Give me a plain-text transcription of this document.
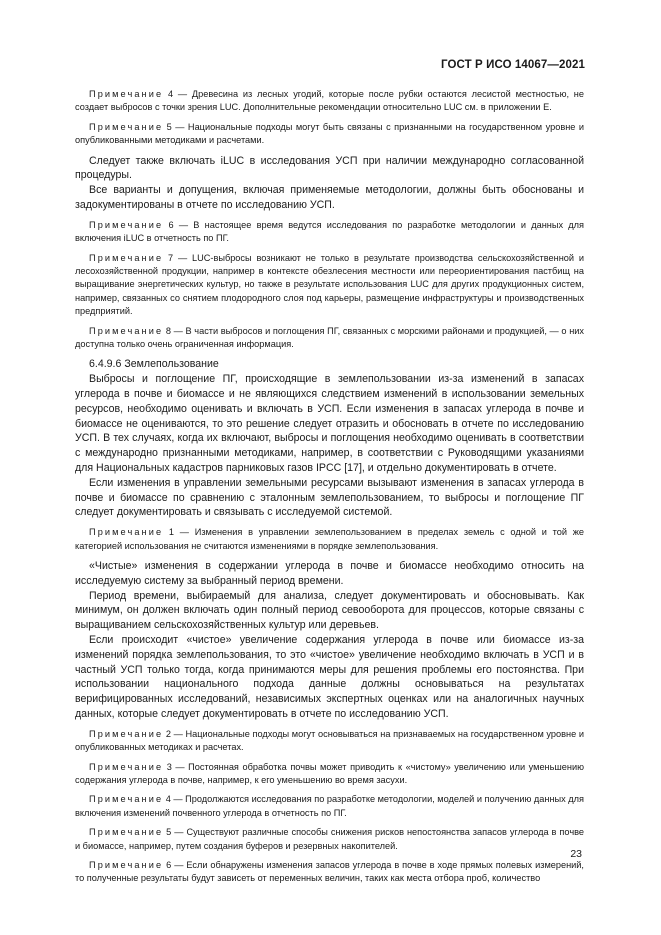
ГОСТ Р ИСО 14067—2021

Примечание 4 — Древесина из лесных угодий, которые после рубки остаются лесистой местностью, не создает выбросов с точки зрения LUC. Дополнительные рекомендации относительно LUC см. в приложении Е.

Примечание 5 — Национальные подходы могут быть связаны с признанными на государственном уровне и опубликованными методиками и расчетами.

Следует также включать iLUC в исследования УСП при наличии международно согласованной процедуры.

Все варианты и допущения, включая применяемые методологии, должны быть обоснованы и задокументированы в отчете по исследованию УСП.

Примечание 6 — В настоящее время ведутся исследования по разработке методологии и данных для включения iLUC в отчетность по ПГ.

Примечание 7 — LUC-выбросы возникают не только в результате производства сельскохозяйственной и лесохозяйственной продукции, например в контексте обезлесения местности или переориентирования пастбищ на выращивание энергетических культур, но также в результате использования LUC для других продукционных систем, например, связанных со снятием плодородного слоя под карьеры, размещение инфраструктуры и производственных предприятий.

Примечание 8 — В части выбросов и поглощения ПГ, связанных с морскими районами и продукцией, — о них доступна только очень ограниченная информация.

6.4.9.6 Землепользование

Выбросы и поглощение ПГ, происходящие в землепользовании из-за изменений в запасах углерода в почве и биомассе и не являющихся следствием изменений в использовании земельных ресурсов, необходимо оценивать и включать в УСП. Если изменения в запасах углерода в почве и биомассе не оцениваются, то это решение следует отразить и обосновать в отчете по исследованию УСП. В тех случаях, когда их включают, выбросы и поглощения необходимо оценивать в соответствии с международно признанными методиками, например, в соответствии с Руководящими указаниями для Национальных кадастров парниковых газов IPCC [17], и отдельно документировать в отчете.

Если изменения в управлении земельными ресурсами вызывают изменения в запасах углерода в почве и биомассе по сравнению с эталонным землепользованием, то выбросы и поглощение ПГ следует документировать и связывать с исследуемой системой.

Примечание 1 — Изменения в управлении землепользованием в пределах земель с одной и той же категорией использования не считаются изменениями в порядке землепользования.

«Чистые» изменения в содержании углерода в почве и биомассе необходимо относить на исследуемую систему за выбранный период времени.

Период времени, выбираемый для анализа, следует документировать и обосновывать. Как минимум, он должен включать один полный период севооборота для процессов, которые связаны с выращиванием сельскохозяйственных культур или деревьев.

Если происходит «чистое» увеличение содержания углерода в почве или биомассе из-за изменений порядка землепользования, то это «чистое» увеличение необходимо включать в УСП и в частный УСП только тогда, когда принимаются меры для решения проблемы его постоянства. При использовании национального подхода данные должны основываться на результатах верифицированных исследований, независимых экспертных оценках или на аналогичных научных данных, которые следует документировать в отчете по исследованию УСП.

Примечание 2 — Национальные подходы могут основываться на признаваемых на государственном уровне и опубликованных методиках и расчетах.

Примечание 3 — Постоянная обработка почвы может приводить к «чистому» увеличению или уменьшению содержания углерода в почве, например, к его уменьшению во время засухи.

Примечание 4 — Продолжаются исследования по разработке методологии, моделей и получению данных для включения изменений почвенного углерода в отчетность по ПГ.

Примечание 5 — Существуют различные способы снижения рисков непостоянства запасов углерода в почве и биомассе, например, путем создания буферов и резервных накопителей.

Примечание 6 — Если обнаружены изменения запасов углерода в почве в ходе прямых полевых измерений, то полученные результаты будут зависеть от переменных величин, таких как места отбора проб, количество

23
